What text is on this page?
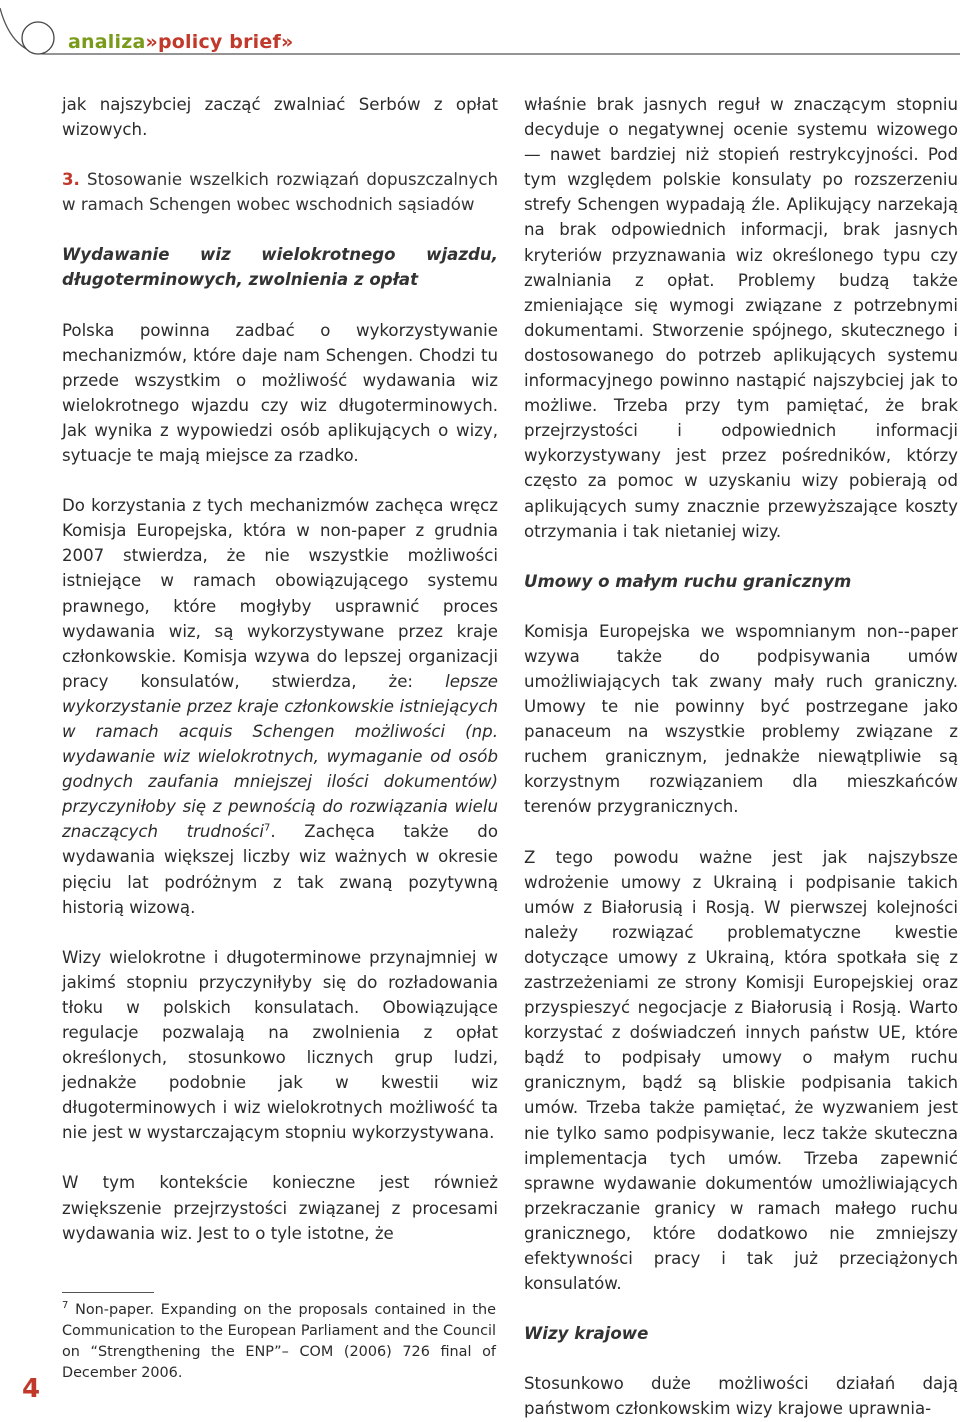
analiza»policy brief»

jak najszybciej zacząć zwalniać Serbów z opłat wizowych.

3. Stosowanie wszelkich rozwiązań dopuszczalnych w ramach Schengen wobec wschodnich sąsiadów

Wydawanie wiz wielokrotnego wjazdu, długoterminowych, zwolnienia z opłat

Polska powinna zadbać o wykorzystywanie mechanizmów, które daje nam Schengen. Chodzi tu przede wszystkim o możliwość wydawania wiz wielokrotnego wjazdu czy wiz długoterminowych. Jak wynika z wypowiedzi osób aplikujących o wizy, sytuacje te mają miejsce za rzadko.

Do korzystania z tych mechanizmów zachęca wręcz Komisja Europejska, która w non-paper z grudnia 2007 stwierdza, że nie wszystkie możliwości istniejące w ramach obowiązującego systemu prawnego, które mogłyby usprawnić proces wydawania wiz, są wykorzystywane przez kraje członkowskie. Komisja wzywa do lepszej organizacji pracy konsulatów, stwierdza, że: lepsze wykorzystanie przez kraje członkowskie istniejących w ramach acquis Schengen możliwości (np. wydawanie wiz wielokrotnych, wymaganie od osób godnych zaufania mniejszej ilości dokumentów) przyczyniłoby się z pewnością do rozwiązania wielu znaczących trudności$^7$. Zachęca także do wydawania większej liczby wiz ważnych w okresie pięciu lat podróżnym z tak zwaną pozytywną historią wizową.

Wizy wielokrotne i długoterminowe przynajmniej w jakimś stopniu przyczyniłyby się do rozładowania tłoku w polskich konsulatach. Obowiązujące regulacje pozwalają na zwolnienia z opłat określonych, stosunkowo licznych grup ludzi, jednakże podobnie jak w kwestii wiz długoterminowych i wiz wielokrotnych możliwość ta nie jest w wystarczającym stopniu wykorzystywana.

W tym kontekście konieczne jest również zwiększenie przejrzystości związanej z procesami wydawania wiz. Jest to o tyle istotne, że

$^7$ Non-paper. Expanding on the proposals contained in the Communication to the European Parliament and the Council on “Strengthening the ENP”– COM (2006) 726 final of December 2006.

właśnie brak jasnych reguł w znaczącym stopniu decyduje o negatywnej ocenie systemu wizowego — nawet bardziej niż stopień restrykcyjności. Pod tym względem polskie konsulaty po rozszerzeniu strefy Schengen wypadają źle. Aplikujący narzekają na brak odpowiednich informacji, brak jasnych kryteriów przyznawania wiz określonego typu czy zwalniania z opłat. Problemy budzą także zmieniające się wymogi związane z potrzebnymi dokumentami. Stworzenie spójnego, skutecznego i dostosowanego do potrzeb aplikujących systemu informacyjnego powinno nastąpić najszybciej jak to możliwe. Trzeba przy tym pamiętać, że brak przejrzystości i odpowiednich informacji wykorzystywany jest przez pośredników, którzy często za pomoc w uzyskaniu wizy pobierają od aplikujących sumy znacznie przewyższające koszty otrzymania i tak nietaniej wizy.

Umowy o małym ruchu granicznym

Komisja Europejska we wspomnianym non--paper wzywa także do podpisywania umów umożliwiających tak zwany mały ruch graniczny. Umowy te nie powinny być postrzegane jako panaceum na wszystkie problemy związane z ruchem granicznym, jednakże niewątpliwie są korzystnym rozwiązaniem dla mieszkańców terenów przygranicznych.

Z tego powodu ważne jest jak najszybsze wdrożenie umowy z Ukrainą i podpisanie takich umów z Białorusią i Rosją. W pierwszej kolejności należy rozwiązać problematyczne kwestie dotyczące umowy z Ukrainą, która spotkała się z zastrzeżeniami ze strony Komisji Europejskiej oraz przyspieszyć negocjacje z Białorusią i Rosją. Warto korzystać z doświadczeń innych państw UE, które bądź to podpisały umowy o małym ruchu granicznym, bądź są bliskie podpisania takich umów. Trzeba także pamiętać, że wyzwaniem jest nie tylko samo podpisywanie, lecz także skuteczna implementacja tych umów. Trzeba zapewnić sprawne wydawanie dokumentów umożliwiających przekraczanie granicy w ramach małego ruchu granicznego, które dodatkowo nie zmniejszy efektywności pracy i tak już przeciążonych konsulatów.

Wizy krajowe

Stosunkowo duże możliwości działań dają państwom członkowskim wizy krajowe uprawnia-

4
